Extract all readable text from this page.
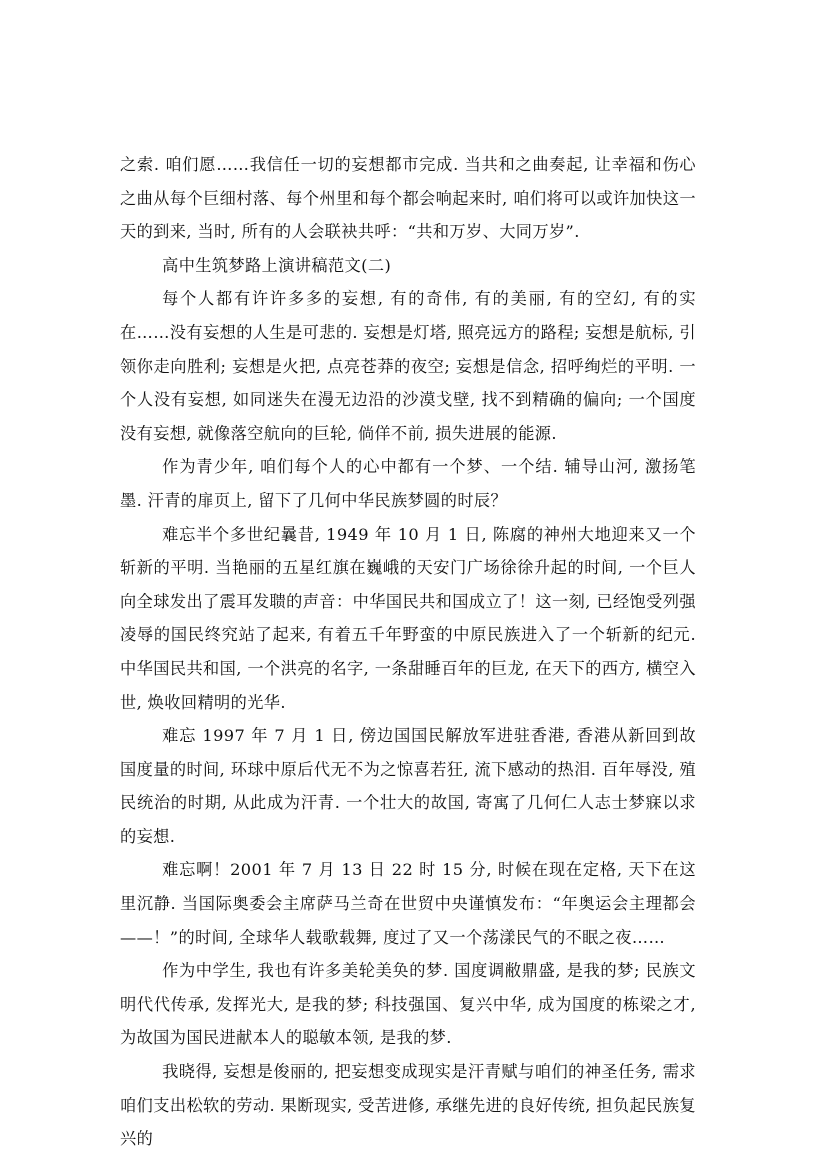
之索. 咱们愿……我信任一切的妄想都市完成. 当共和之曲奏起, 让幸福和伤心之曲从每个巨细村落、每个州里和每个都会响起来时, 咱们将可以或许加快这一天的到来, 当时, 所有的人会联袂共呼：“共和万岁、大同万岁”.

高中生筑梦路上演讲稿范文(二)

每个人都有许许多多的妄想, 有的奇伟, 有的美丽, 有的空幻, 有的实在……没有妄想的人生是可悲的. 妄想是灯塔, 照亮远方的路程; 妄想是航标, 引领你走向胜利; 妄想是火把, 点亮苍莽的夜空; 妄想是信念, 招呼绚烂的平明. 一个人没有妄想, 如同迷失在漫无边沿的沙漠戈壁, 找不到精确的偏向; 一个国度没有妄想, 就像落空航向的巨轮, 倘佯不前, 损失进展的能源.

作为青少年, 咱们每个人的心中都有一个梦、一个结. 辅导山河, 激扬笔墨. 汗青的扉页上, 留下了几何中华民族梦圆的时辰？

难忘半个多世纪曩昔, 1949 年 10 月 1 日, 陈腐的神州大地迎来又一个斩新的平明. 当艳丽的五星红旗在巍峨的天安门广场徐徐升起的时间, 一个巨人向全球发出了震耳发聩的声音：中华国民共和国成立了！这一刻, 已经饱受列强凌辱的国民终究站了起来, 有着五千年野蛮的中原民族进入了一个斩新的纪元. 中华国民共和国, 一个洪亮的名字, 一条甜睡百年的巨龙, 在天下的西方, 横空入世, 焕收回精明的光华.

难忘 1997 年 7 月 1 日, 傍边国国民解放军进驻香港, 香港从新回到故国度量的时间, 环球中原后代无不为之惊喜若狂, 流下感动的热泪. 百年辱没, 殖民统治的时期, 从此成为汗青. 一个壮大的故国, 寄寓了几何仁人志士梦寐以求的妄想.

难忘啊！2001 年 7 月 13 日 22 时 15 分, 时候在现在定格, 天下在这里沉静. 当国际奥委会主席萨马兰奇在世贸中央谨慎发布：“年奥运会主理都会——！”的时间, 全球华人载歌载舞, 度过了又一个荡漾民气的不眠之夜……

作为中学生, 我也有许多美轮美奂的梦. 国度调敝鼎盛, 是我的梦; 民族文明代代传承, 发挥光大, 是我的梦; 科技强国、复兴中华, 成为国度的栋梁之才, 为故国为国民进献本人的聪敏本领, 是我的梦.

我晓得, 妄想是俊丽的, 把妄想变成现实是汗青赋与咱们的神圣任务, 需求咱们支出松软的劳动. 果断现实, 受苦进修, 承继先进的良好传统, 担负起民族复兴的
